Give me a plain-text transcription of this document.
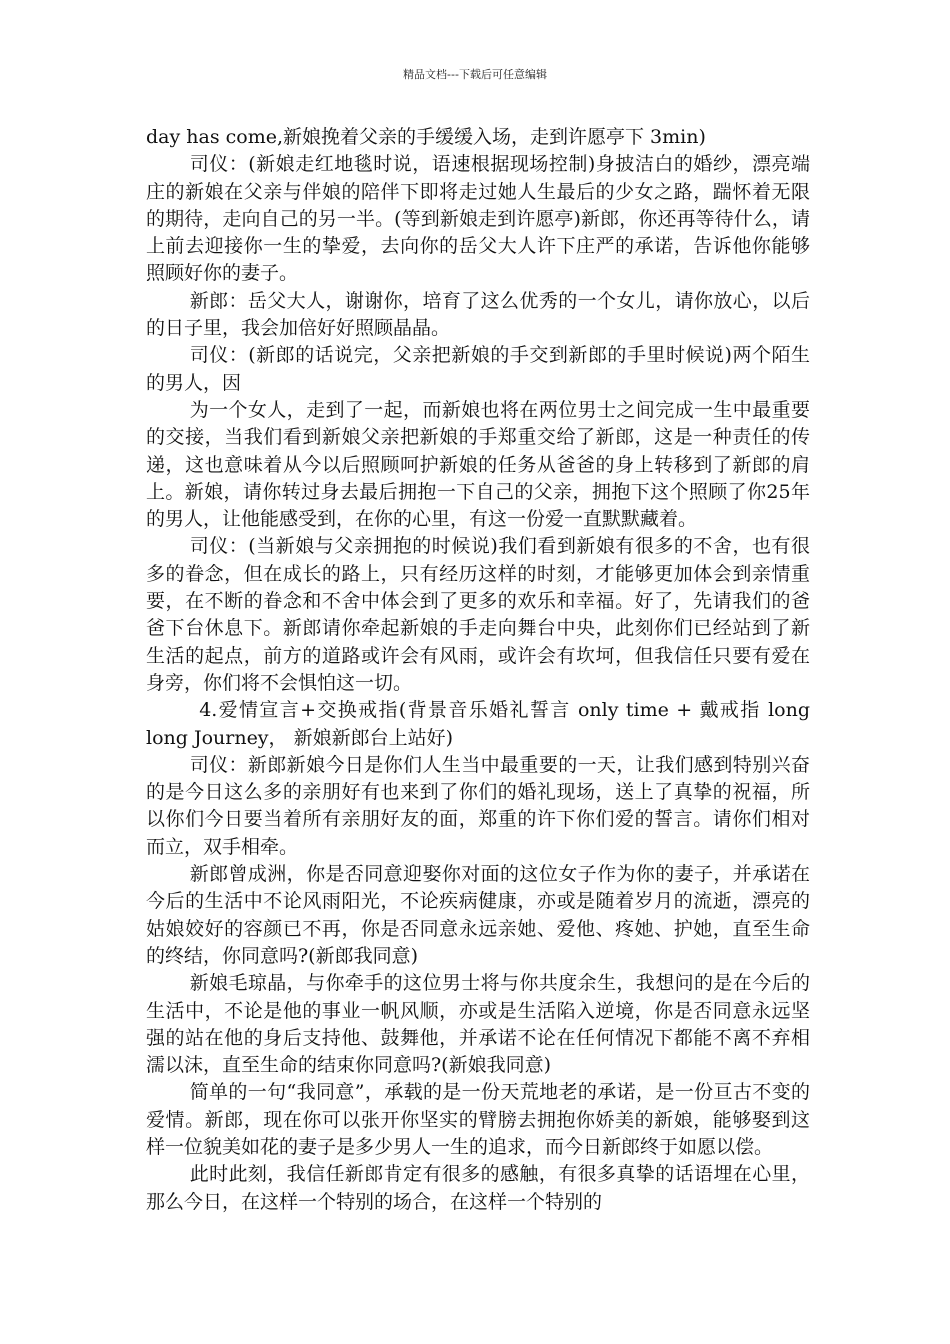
精品文档---下载后可任意编辑

day has come,新娘挽着父亲的手缓缓入场，走到许愿亭下 3min)

司仪：(新娘走红地毯时说，语速根据现场控制)身披洁白的婚纱，漂亮端庄的新娘在父亲与伴娘的陪伴下即将走过她人生最后的少女之路，踹怀着无限的期待，走向自己的另一半。(等到新娘走到许愿亭)新郎，你还再等待什么，请上前去迎接你一生的挚爱，去向你的岳父大人许下庄严的承诺，告诉他你能够照顾好你的妻子。

新郎：岳父大人，谢谢你，培育了这么优秀的一个女儿，请你放心，以后的日子里，我会加倍好好照顾晶晶。

司仪：(新郎的话说完，父亲把新娘的手交到新郎的手里时候说)两个陌生的男人，因

为一个女人，走到了一起，而新娘也将在两位男士之间完成一生中最重要的交接，当我们看到新娘父亲把新娘的手郑重交给了新郎，这是一种责任的传递，这也意味着从今以后照顾呵护新娘的任务从爸爸的身上转移到了新郎的肩上。新娘，请你转过身去最后拥抱一下自己的父亲，拥抱下这个照顾了你25年的男人，让他能感受到，在你的心里，有这一份爱一直默默藏着。

司仪：(当新娘与父亲拥抱的时候说)我们看到新娘有很多的不舍，也有很多的眷念，但在成长的路上，只有经历这样的时刻，才能够更加体会到亲情重要，在不断的眷念和不舍中体会到了更多的欢乐和幸福。好了，先请我们的爸爸下台休息下。新郎请你牵起新娘的手走向舞台中央，此刻你们已经站到了新生活的起点，前方的道路或许会有风雨，或许会有坎坷，但我信任只要有爱在身旁，你们将不会惧怕这一切。

4.爱情宣言+交换戒指(背景音乐婚礼誓言 only time + 戴戒指 long long Journey， 新娘新郎台上站好)

司仪：新郎新娘今日是你们人生当中最重要的一天，让我们感到特别兴奋的是今日这么多的亲朋好有也来到了你们的婚礼现场，送上了真挚的祝福，所以你们今日要当着所有亲朋好友的面，郑重的许下你们爱的誓言。请你们相对而立，双手相牵。

新郎曾成洲，你是否同意迎娶你对面的这位女子作为你的妻子，并承诺在今后的生活中不论风雨阳光，不论疾病健康，亦或是随着岁月的流逝，漂亮的姑娘姣好的容颜已不再，你是否同意永远亲她、爱他、疼她、护她，直至生命的终结，你同意吗?(新郎我同意)

新娘毛琼晶，与你牵手的这位男士将与你共度余生，我想问的是在今后的生活中，不论是他的事业一帆风顺，亦或是生活陷入逆境，你是否同意永远坚强的站在他的身后支持他、鼓舞他，并承诺不论在任何情况下都能不离不弃相濡以沫，直至生命的结束你同意吗?(新娘我同意)

简单的一句“我同意”，承载的是一份天荒地老的承诺，是一份亘古不变的爱情。新郎，现在你可以张开你坚实的臂膀去拥抱你娇美的新娘，能够娶到这样一位貌美如花的妻子是多少男人一生的追求，而今日新郎终于如愿以偿。

此时此刻，我信任新郎肯定有很多的感触，有很多真挚的话语埋在心里，那么今日，在这样一个特别的场合，在这样一个特别的
